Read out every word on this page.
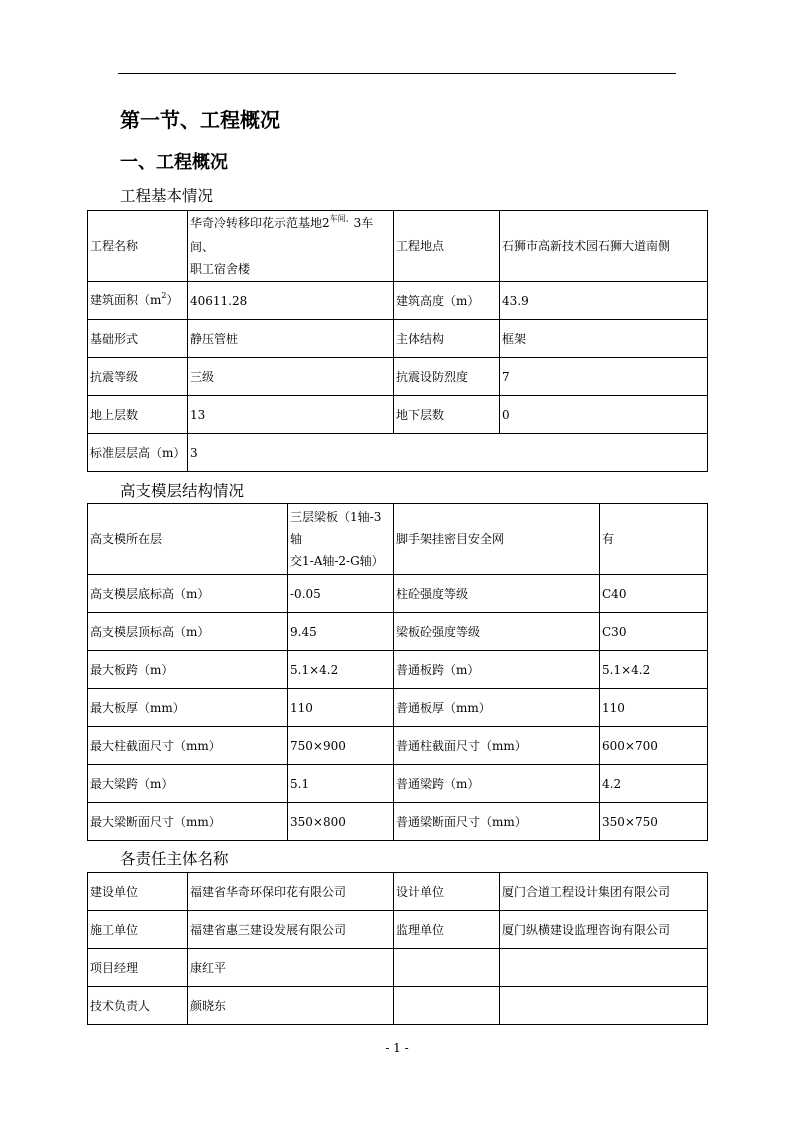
第一节、工程概况
一、工程概况
工程基本情况
工程名称	华奇冷转移印花示范基地$2^{车间、}3$车间、
职工宿舍楼	工程地点	石狮市高新技术园石狮大道南侧
建筑面积$(m^2)$	40611.28	建筑高度（m）	43.9
基础形式	静压管桩	主体结构	框架
抗震等级	三级	抗震设防烈度	7
地上层数	13	地下层数	0
标准层层高（m）	3		
高支模层结构情况
高支模所在层	三层梁板（1轴-3轴
交1-A轴-2-G轴）	脚手架挂密目安全网	有
高支模层底标高（m）	-0.05	柱砼强度等级	C40
高支模层顶标高（m）	9.45	梁板砼强度等级	C30
最大板跨（m）	5.1×4.2	普通板跨（m）	5.1×4.2
最大板厚（mm）	110	普通板厚（mm）	110
最大柱截面尺寸（mm）	750×900	普通柱截面尺寸（mm）	600×700
最大梁跨（m）	5.1	普通梁跨（m）	4.2
最大梁断面尺寸（mm）	350×800	普通梁断面尺寸（mm）	350×750
各责任主体名称
建设单位	福建省华奇环保印花有限公司	设计单位	厦门合道工程设计集团有限公司
施工单位	福建省惠三建设发展有限公司	监理单位	厦门纵横建设监理咨询有限公司
项目经理	康红平		
技术负责人	颜晓东		
- 1 -
